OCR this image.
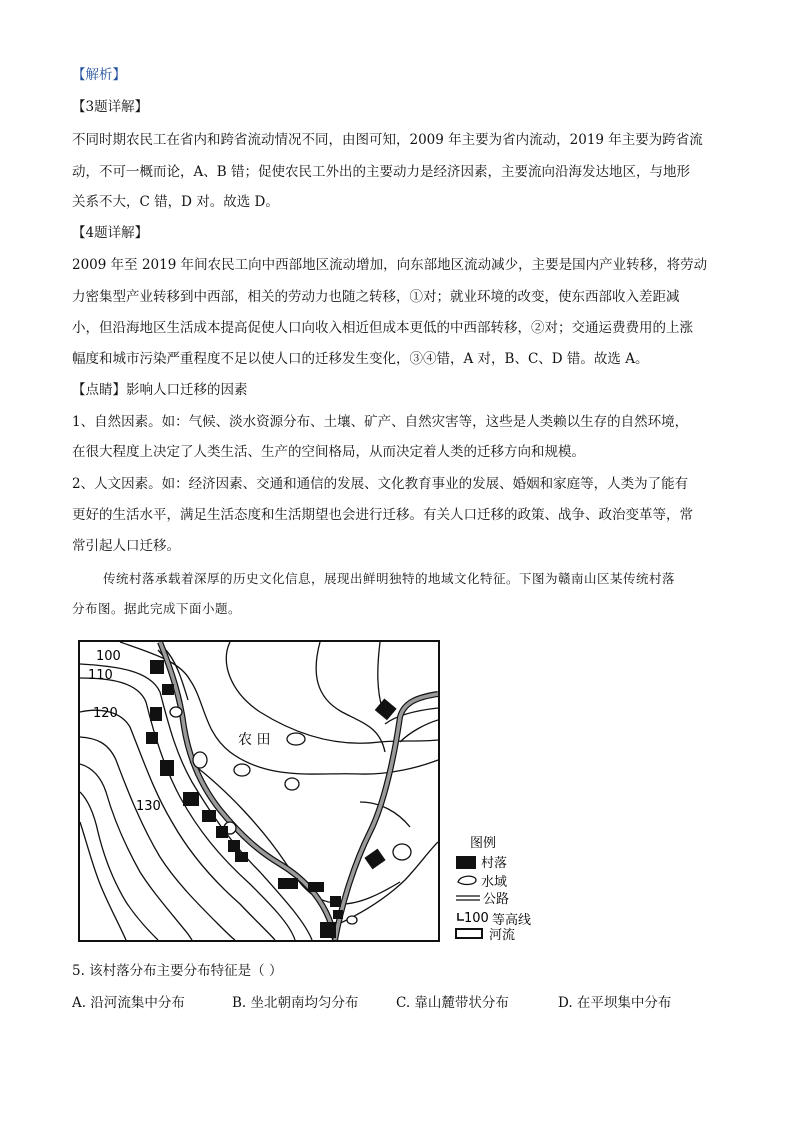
【解析】
【3题详解】
不同时期农民工在省内和跨省流动情况不同，由图可知，2009 年主要为省内流动，2019 年主要为跨省流
动，不可一概而论，A、B 错；促使农民工外出的主要动力是经济因素，主要流向沿海发达地区，与地形
关系不大，C 错，D 对。故选 D。
【4题详解】
2009 年至 2019 年间农民工向中西部地区流动增加，向东部地区流动减少，主要是国内产业转移，将劳动
力密集型产业转移到中西部，相关的劳动力也随之转移，①对；就业环境的改变，使东西部收入差距减
小，但沿海地区生活成本提高促使人口向收入相近但成本更低的中西部转移，②对；交通运费费用的上涨
幅度和城市污染严重程度不足以使人口的迁移发生变化，③④错，A 对，B、C、D 错。故选 A。
【点睛】影响人口迁移的因素
1、自然因素。如：气候、淡水资源分布、土壤、矿产、自然灾害等，这些是人类赖以生存的自然环境，
在很大程度上决定了人类生活、生产的空间格局，从而决定着人类的迁移方向和规模。
2、人文因素。如：经济因素、交通和通信的发展、文化教育事业的发展、婚姻和家庭等，人类为了能有
更好的生活水平，满足生活态度和生活期望也会进行迁移。有关人口迁移的政策、战争、政治变革等，常
常引起人口迁移。
传统村落承载着深厚的历史文化信息，展现出鲜明独特的地域文化特征。下图为赣南山区某传统村落
分布图。据此完成下面小题。
农 田
100
110
120
130
图例
村落
水域
公路
100 等高线
河流
5. 该村落分布主要分布特征是（ ）
A. 沿河流集中分布	B. 坐北朝南均匀分布	C. 靠山麓带状分布	D. 在平坝集中分布
